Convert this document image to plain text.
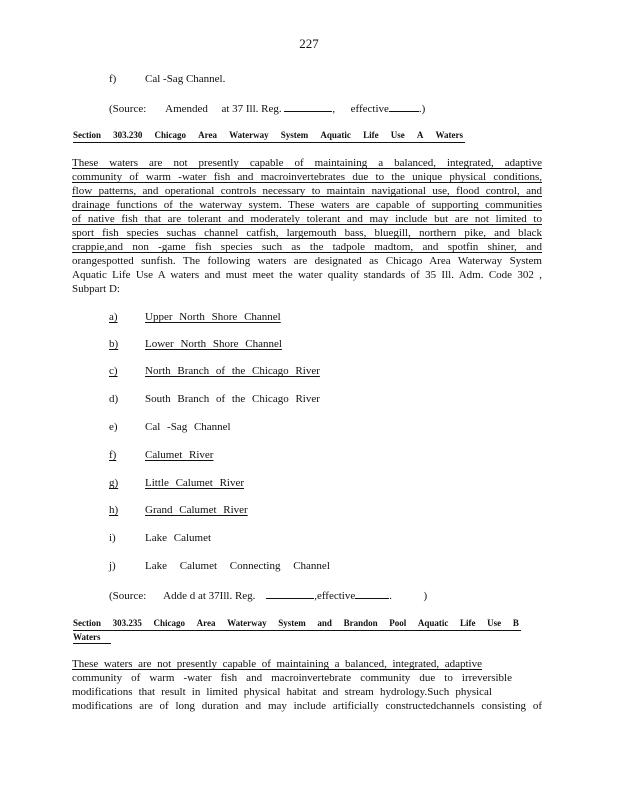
227
f)	Cal -Sag Channel.
(Source: Amended at 37 Ill. Reg.	, effective	.)
Section 303.230 Chicago Area Waterway System Aquatic Life Use A Waters
These waters are not presently capable of maintaining a balanced, integrated, adaptive
community of warm -water fish and macroinvertebrates due to the unique physical conditions,
flow patterns, and operational controls necessary to maintain navigational use, flood control, and
drainage functions of the waterway system. These waters are capable of supporting communities
of native fish that are tolerant and moderately tolerant and may include but are not limited to
sport fish species suchas channel catfish, largemouth bass, bluegill, northern pike, and black
crappie,and non -game fish species such as the tadpole madtom, and spotfin shiner, and
orangespotted sunfish. The following waters are designated as Chicago Area Waterway System
Aquatic Life Use A waters and must meet the water quality standards of 35 Ill. Adm. Code 302 ,
Subpart D:
a) Upper North Shore Channel
b) Lower North Shore Channel
c) North Branch of the Chicago River
d) South Branch of the Chicago River
e) Cal -Sag Channel
f)	Calumet River
g) Little Calumet River
h) Grand Calumet River
i)	Lake Calumet
j)	Lake Calumet Connecting Channel
(Source: Adde d at 37Ill. Reg.	,effective	.	)
Section 303.235 Chicago Area Waterway System and Brandon Pool Aquatic Life Use B
Waters
These waters are not presently capable of maintaining a balanced, integrated, adaptive
community of warm -water fish and macroinvertebrate community due to irreversible
modifications that result in limited physical habitat and stream hydrology.Such physical
modifications are of long duration and may include artificially constructedchannels consisting of
